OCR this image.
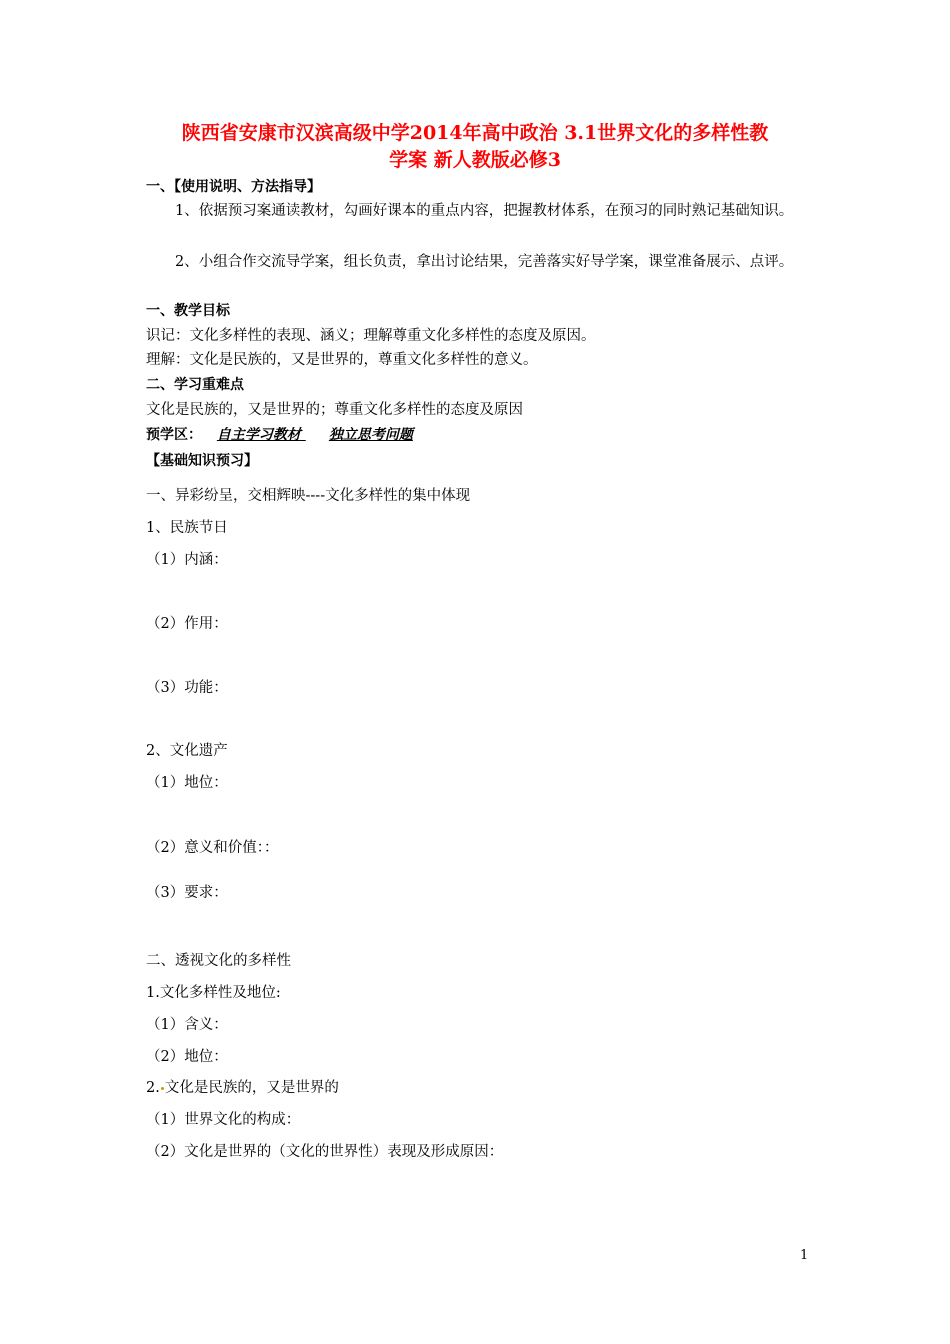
陕西省安康市汉滨高级中学2014年高中政治 3.1世界文化的多样性教
学案 新人教版必修3
一、【使用说明、方法指导】
1、依据预习案通读教材，勾画好课本的重点内容，把握教材体系，在预习的同时熟记基础知识。
2、小组合作交流导学案，组长负责，拿出讨论结果，完善落实好导学案，课堂准备展示、点评。
一、教学目标
识记：文化多样性的表现、涵义；理解尊重文化多样性的态度及原因。
理解：文化是民族的，又是世界的，尊重文化多样性的意义。
二、学习重难点
文化是民族的，又是世界的；尊重文化多样性的态度及原因
预学区： 自主学习教材 独立思考问题
【基础知识预习】
一、异彩纷呈，交相辉映----文化多样性的集中体现
1、民族节日
（1）内涵：
（2）作用：
（3）功能：
2、文化遗产
（1）地位：
（2）意义和价值：：
（3）要求：
二、透视文化的多样性
1.文化多样性及地位:
（1）含义：
（2）地位：
2. 文化是民族的，又是世界的
（1）世界文化的构成：
（2）文化是世界的（文化的世界性）表现及形成原因：
1
